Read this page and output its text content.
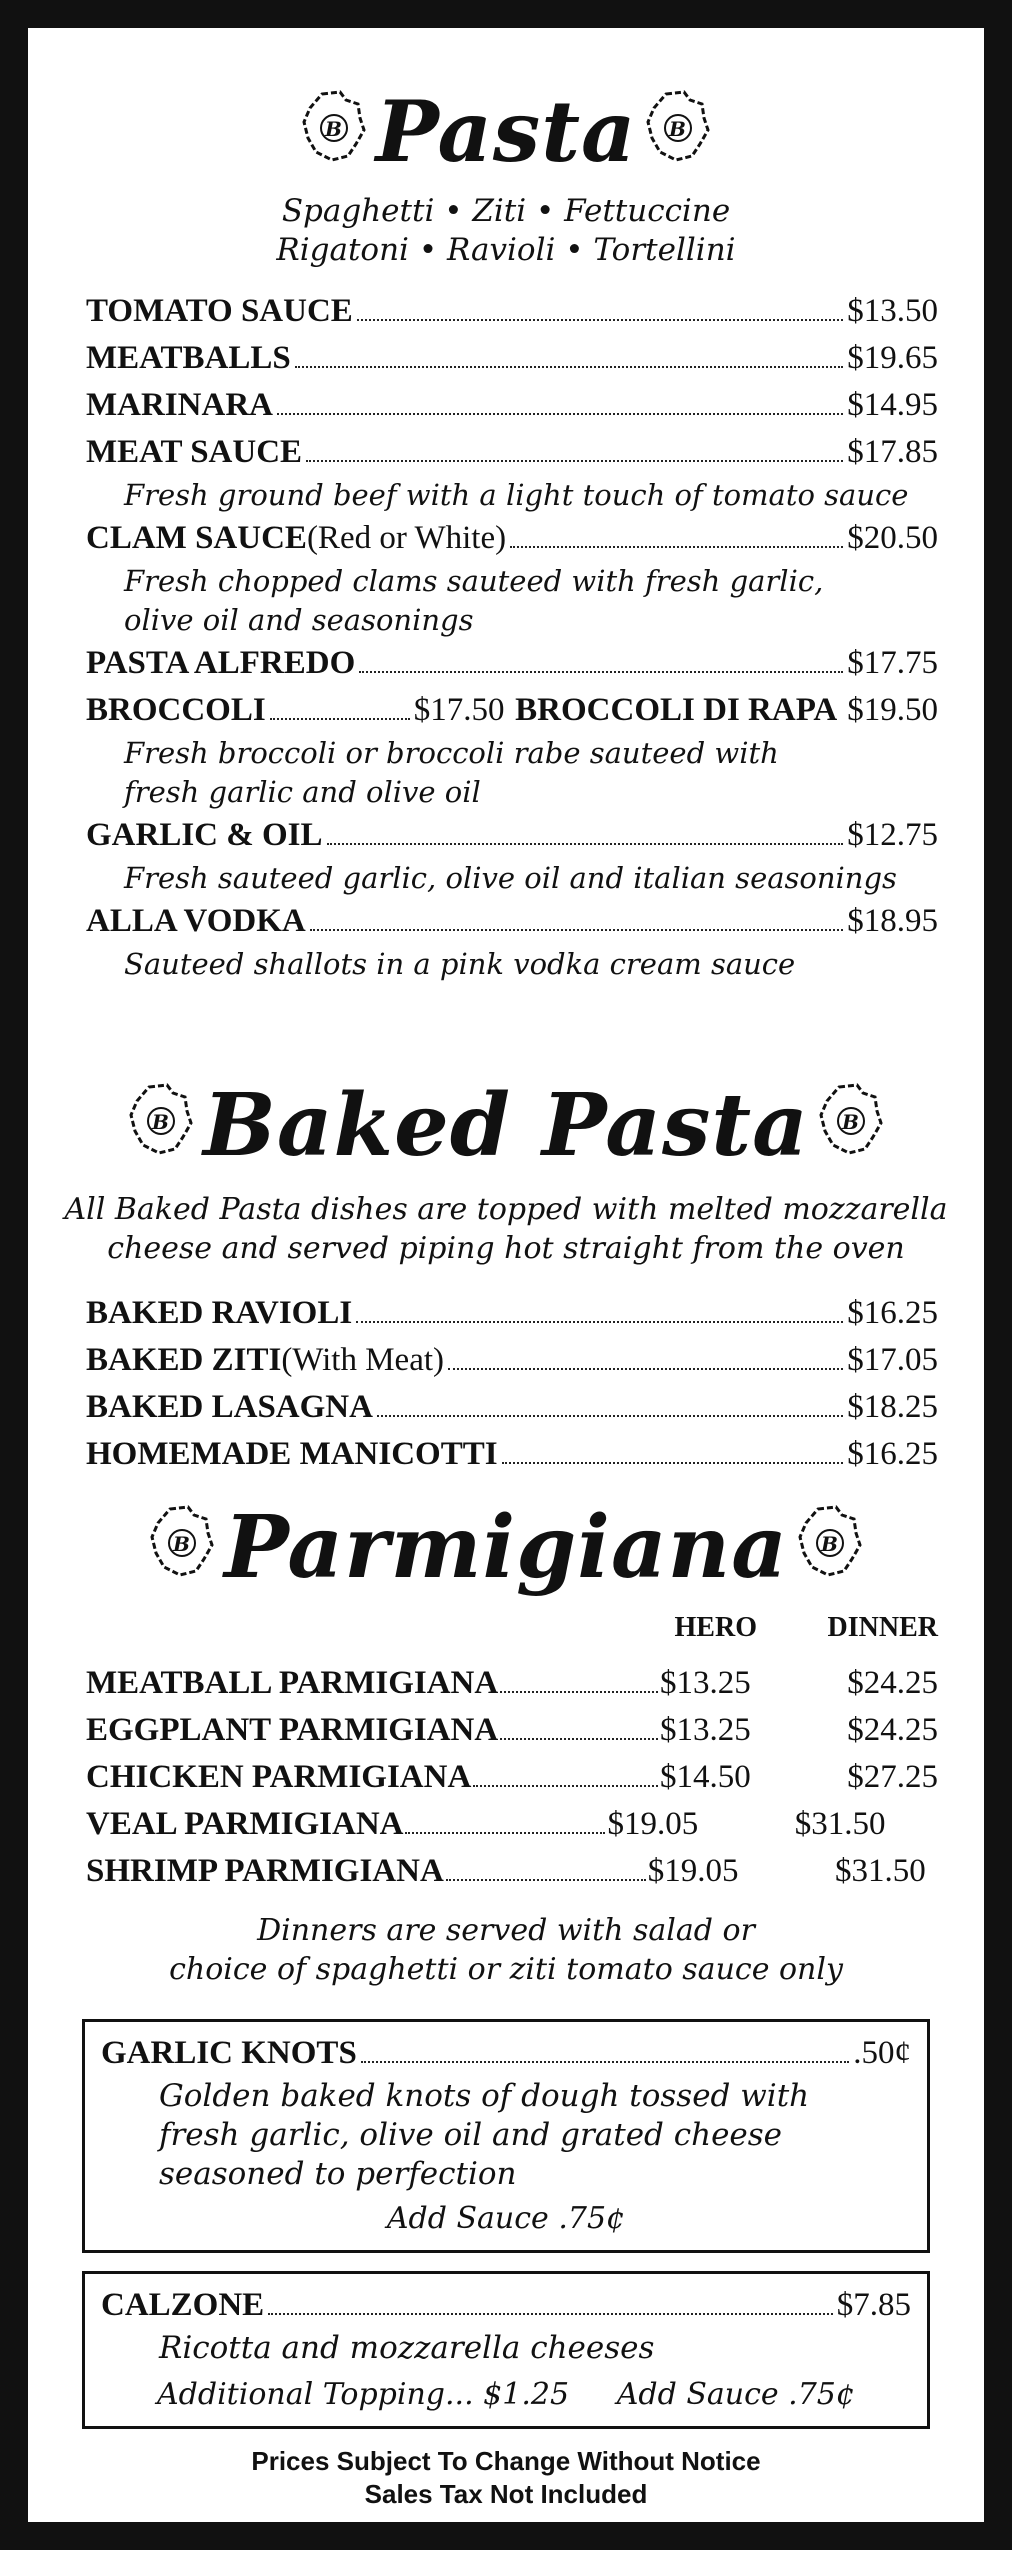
B Pasta B
Spaghetti • Ziti • Fettuccine
Rigatoni • Ravioli • Tortellini
TOMATO SAUCE	$13.50
MEATBALLS	$19.65
MARINARA	$14.95
MEAT SAUCE	$17.85
Fresh ground beef with a light touch of tomato sauce
CLAM SAUCE (Red or White)	$20.50
Fresh chopped clams sauteed with fresh garlic,
olive oil and seasonings
PASTA ALFREDO	$17.75
BROCCOLI	$17.50 BROCCOLI DI RAPA $19.50
Fresh broccoli or broccoli rabe sauteed with
fresh garlic and olive oil
GARLIC & OIL	$12.75
Fresh sauteed garlic, olive oil and italian seasonings
ALLA VODKA	$18.95
Sauteed shallots in a pink vodka cream sauce
B Baked Pasta B
All Baked Pasta dishes are topped with melted mozzarella
cheese and served piping hot straight from the oven
BAKED RAVIOLI	$16.25
BAKED ZITI (With Meat)	$17.05
BAKED LASAGNA	$18.25
HOMEMADE MANICOTTI	$16.25
B Parmigiana B
HERO	DINNER
MEATBALL PARMIGIANA	$13.25	$24.25
EGGPLANT PARMIGIANA	$13.25	$24.25
CHICKEN PARMIGIANA	$14.50	$27.25
VEAL PARMIGIANA	$19.05	$31.50
SHRIMP PARMIGIANA	$19.05	$31.50
Dinners are served with salad or
choice of spaghetti or ziti tomato sauce only
GARLIC KNOTS	.50¢
Golden baked knots of dough tossed with
fresh garlic, olive oil and grated cheese
seasoned to perfection
Add Sauce .75¢
CALZONE	$7.85
Ricotta and mozzarella cheeses
Additional Topping... $1.25     Add Sauce .75¢
Prices Subject To Change Without Notice
Sales Tax Not Included
